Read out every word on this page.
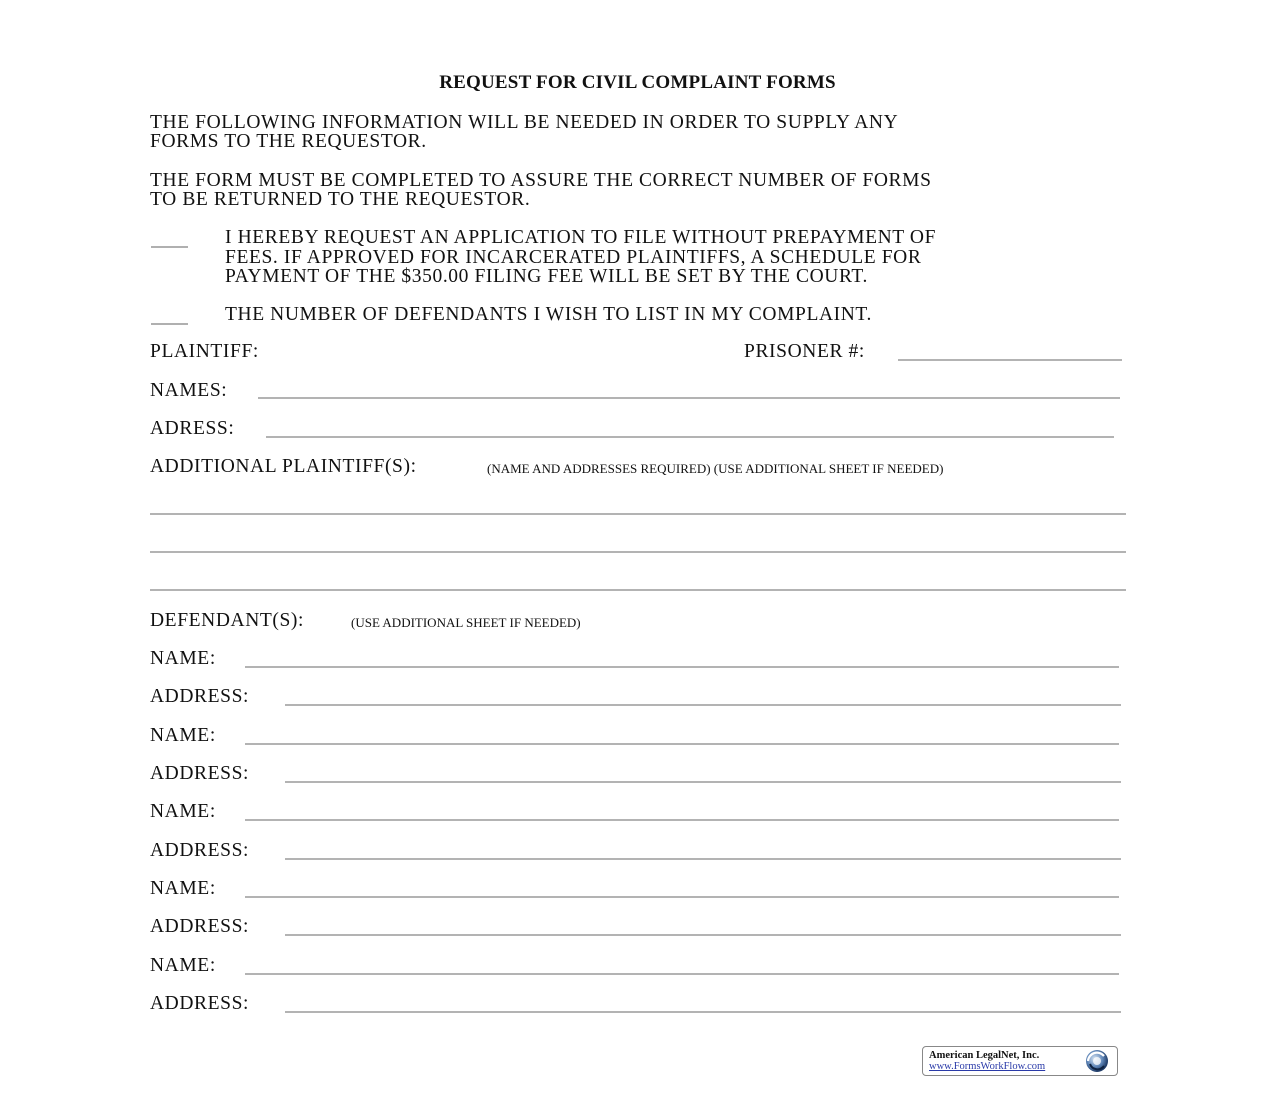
REQUEST FOR CIVIL COMPLAINT FORMS
THE FOLLOWING INFORMATION WILL BE NEEDED IN ORDER TO SUPPLY ANY
FORMS TO THE REQUESTOR.
THE FORM MUST BE COMPLETED TO ASSURE THE CORRECT NUMBER OF FORMS
TO BE RETURNED TO THE REQUESTOR.
I HEREBY REQUEST AN APPLICATION TO FILE WITHOUT PREPAYMENT OF
FEES. IF APPROVED FOR INCARCERATED PLAINTIFFS, A SCHEDULE FOR
PAYMENT OF THE $350.00 FILING FEE WILL BE SET BY THE COURT.
THE NUMBER OF DEFENDANTS I WISH TO LIST IN MY COMPLAINT.
PLAINTIFF:	PRISONER #:
NAMES:
ADRESS:
ADDITIONAL PLAINTIFF(S):	(NAME AND ADDRESSES REQUIRED) (USE ADDITIONAL SHEET IF NEEDED)
DEFENDANT(S):	(USE ADDITIONAL SHEET IF NEEDED)
NAME:
ADDRESS:
NAME:
ADDRESS:
NAME:
ADDRESS:
NAME:
ADDRESS:
NAME:
ADDRESS:
American LegalNet, Inc.
www.FormsWorkFlow.com
